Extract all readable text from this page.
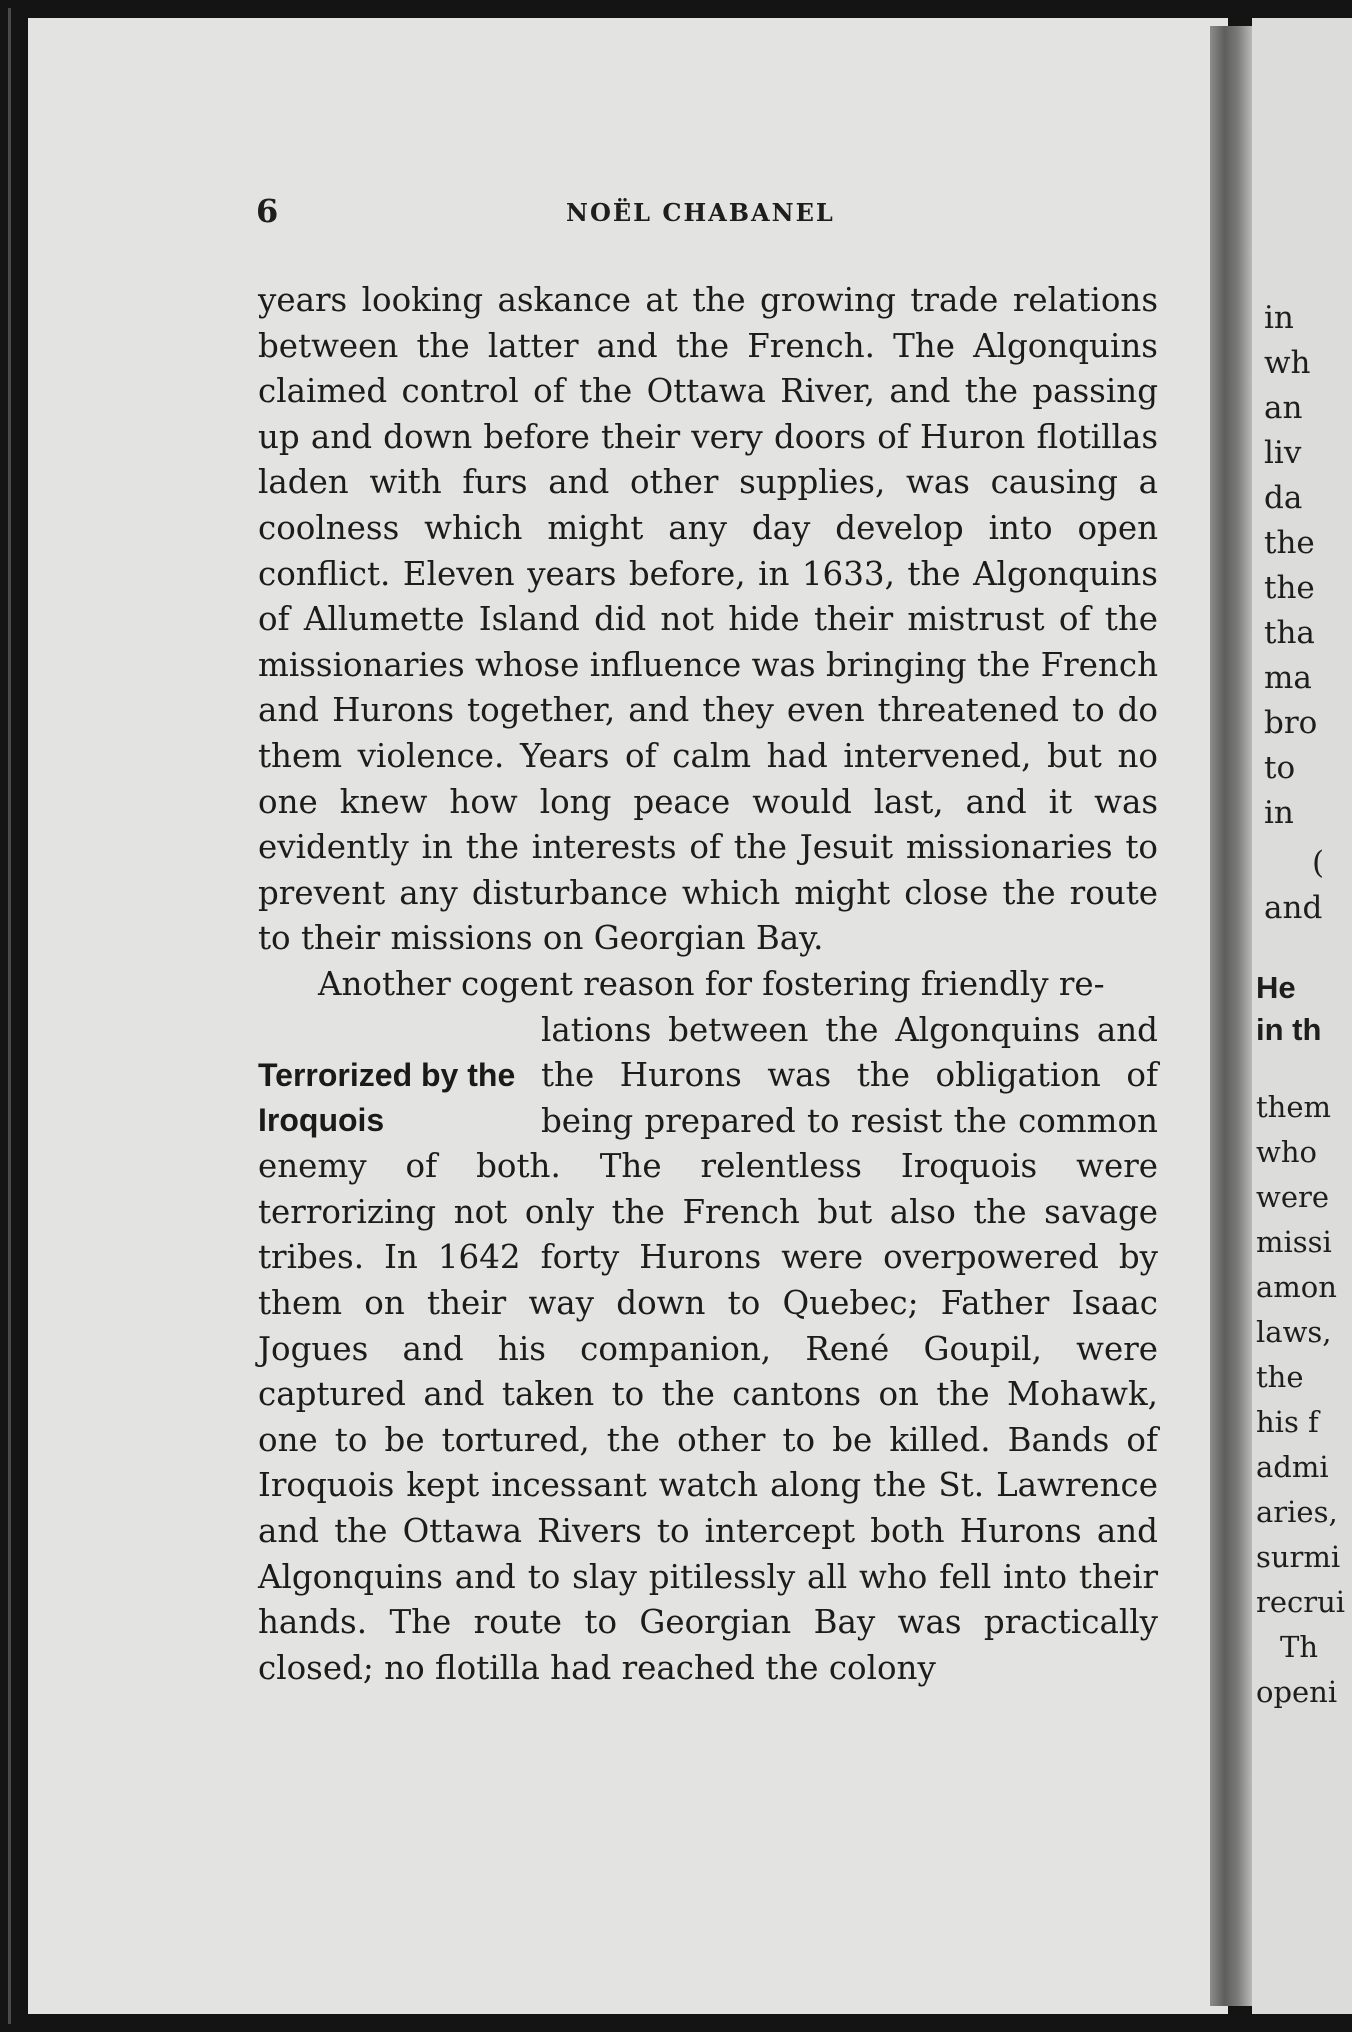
6	NOËL CHABANEL

years looking askance at the growing trade relations between the latter and the French. The Algonquins claimed control of the Ottawa River, and the passing up and down before their very doors of Huron flotillas laden with furs and other supplies, was causing a coolness which might any day develop into open conflict. Eleven years before, in 1633, the Algonquins of Allumette Island did not hide their mistrust of the missionaries whose influence was bringing the French and Hurons together, and they even threatened to do them violence. Years of calm had intervened, but no one knew how long peace would last, and it was evidently in the interests of the Jesuit missionaries to prevent any disturbance which might close the route to their missions on Georgian Bay.

Another cogent reason for fostering friendly re-

Terrorized by the Iroquois

lations between the Algonquins and the Hurons was the obligation of being prepared to resist the common enemy of both. The relentless Iroquois were terrorizing not only the French but also the savage tribes. In 1642 forty Hurons were overpowered by them on their way down to Quebec; Father Isaac Jogues and his companion, René Goupil, were captured and taken to the cantons on the Mohawk, one to be tortured, the other to be killed. Bands of Iroquois kept incessant watch along the St. Lawrence and the Ottawa Rivers to intercept both Hurons and Algonquins and to slay pitilessly all who fell into their hands. The route to Georgian Bay was practically closed; no flotilla had reached the colony

in
wh
an
liv
da
the
the
tha
ma
bro
to
in
(
and
He
in th
them
who
were
missi
amon
laws,
the
his f
admi
aries,
surmi
recrui
Th
openi
